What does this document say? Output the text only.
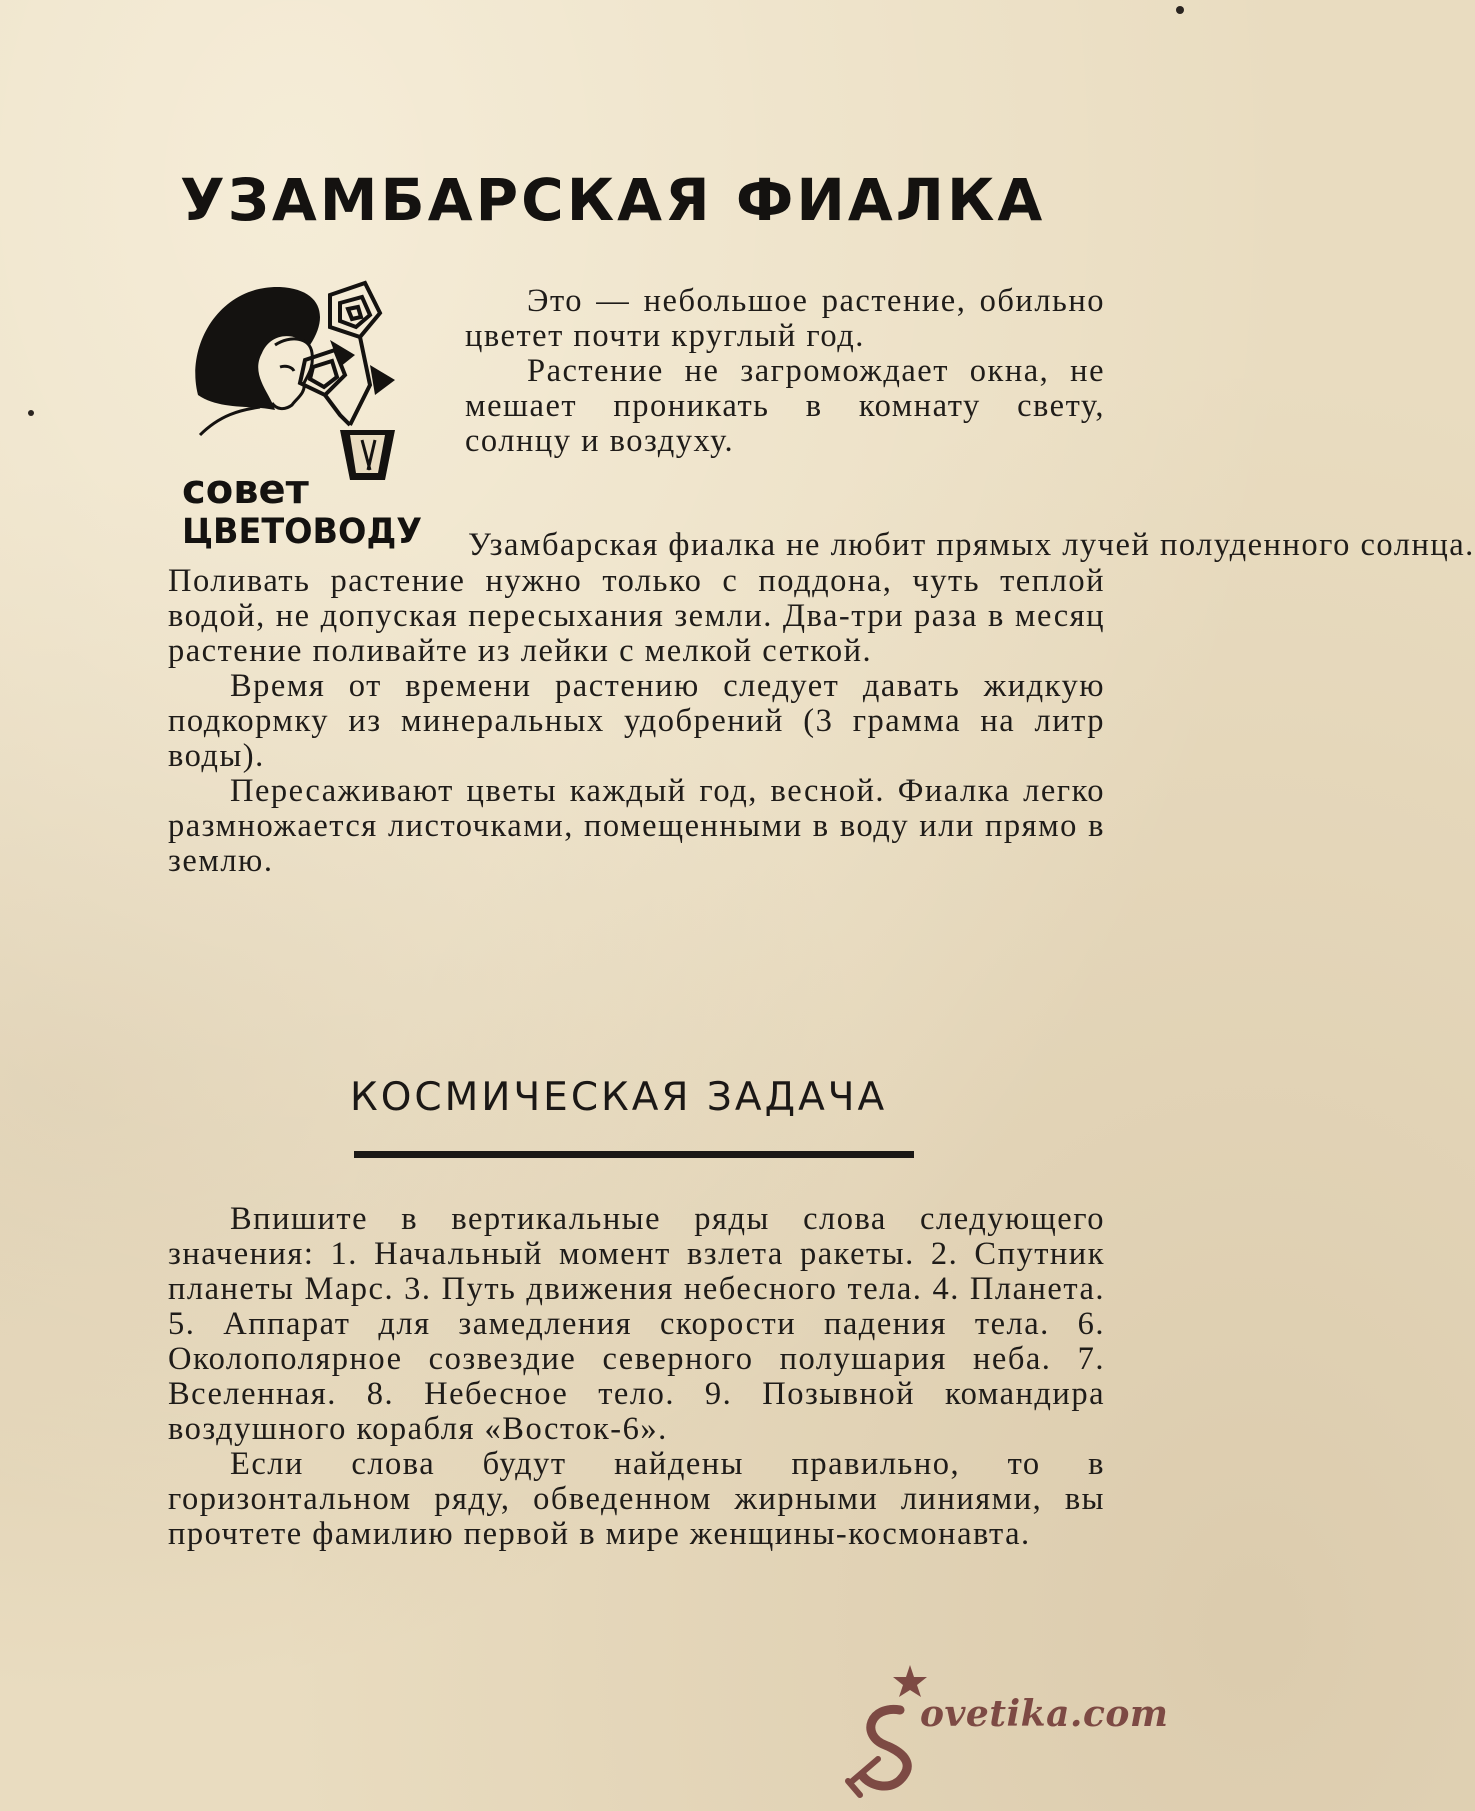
УЗАМБАРСКАЯ ФИАЛКА
совет
ЦВЕТОВОДУ

Это — небольшое растение, обильно цветет почти круглый год.

Растение не загромождает окна, не мешает проникать в комнату свету, солнцу и воздуху.

Узамбарская фиалка не любит прямых лучей полуденного солнца.

Поливать растение нужно только с поддона, чуть теплой водой, не допуская пересыхания земли. Два-три раза в месяц растение поливайте из лейки с мелкой сеткой.

Время от времени растению следует давать жидкую подкормку из минеральных удобрений (3 грамма на литр воды).

Пересаживают цветы каждый год, весной. Фиалка легко размножается листочками, помещенными в воду или прямо в землю.

КОСМИЧЕСКАЯ ЗАДАЧА

Впишите в вертикальные ряды слова следующего значения: 1. Начальный момент взлета ракеты. 2. Спутник планеты Марс. 3. Путь движения небесного тела. 4. Планета. 5. Аппарат для замедления скорости падения тела. 6. Околополярное созвездие северного полушария неба. 7. Вселенная. 8. Небесное тело. 9. Позывной командира воздушного корабля «Восток-6».

Если слова будут найдены правильно, то в горизонтальном ряду, обведенном жирными линиями, вы прочтете фамилию первой в мире женщины-космонавта.

ovetika.com
